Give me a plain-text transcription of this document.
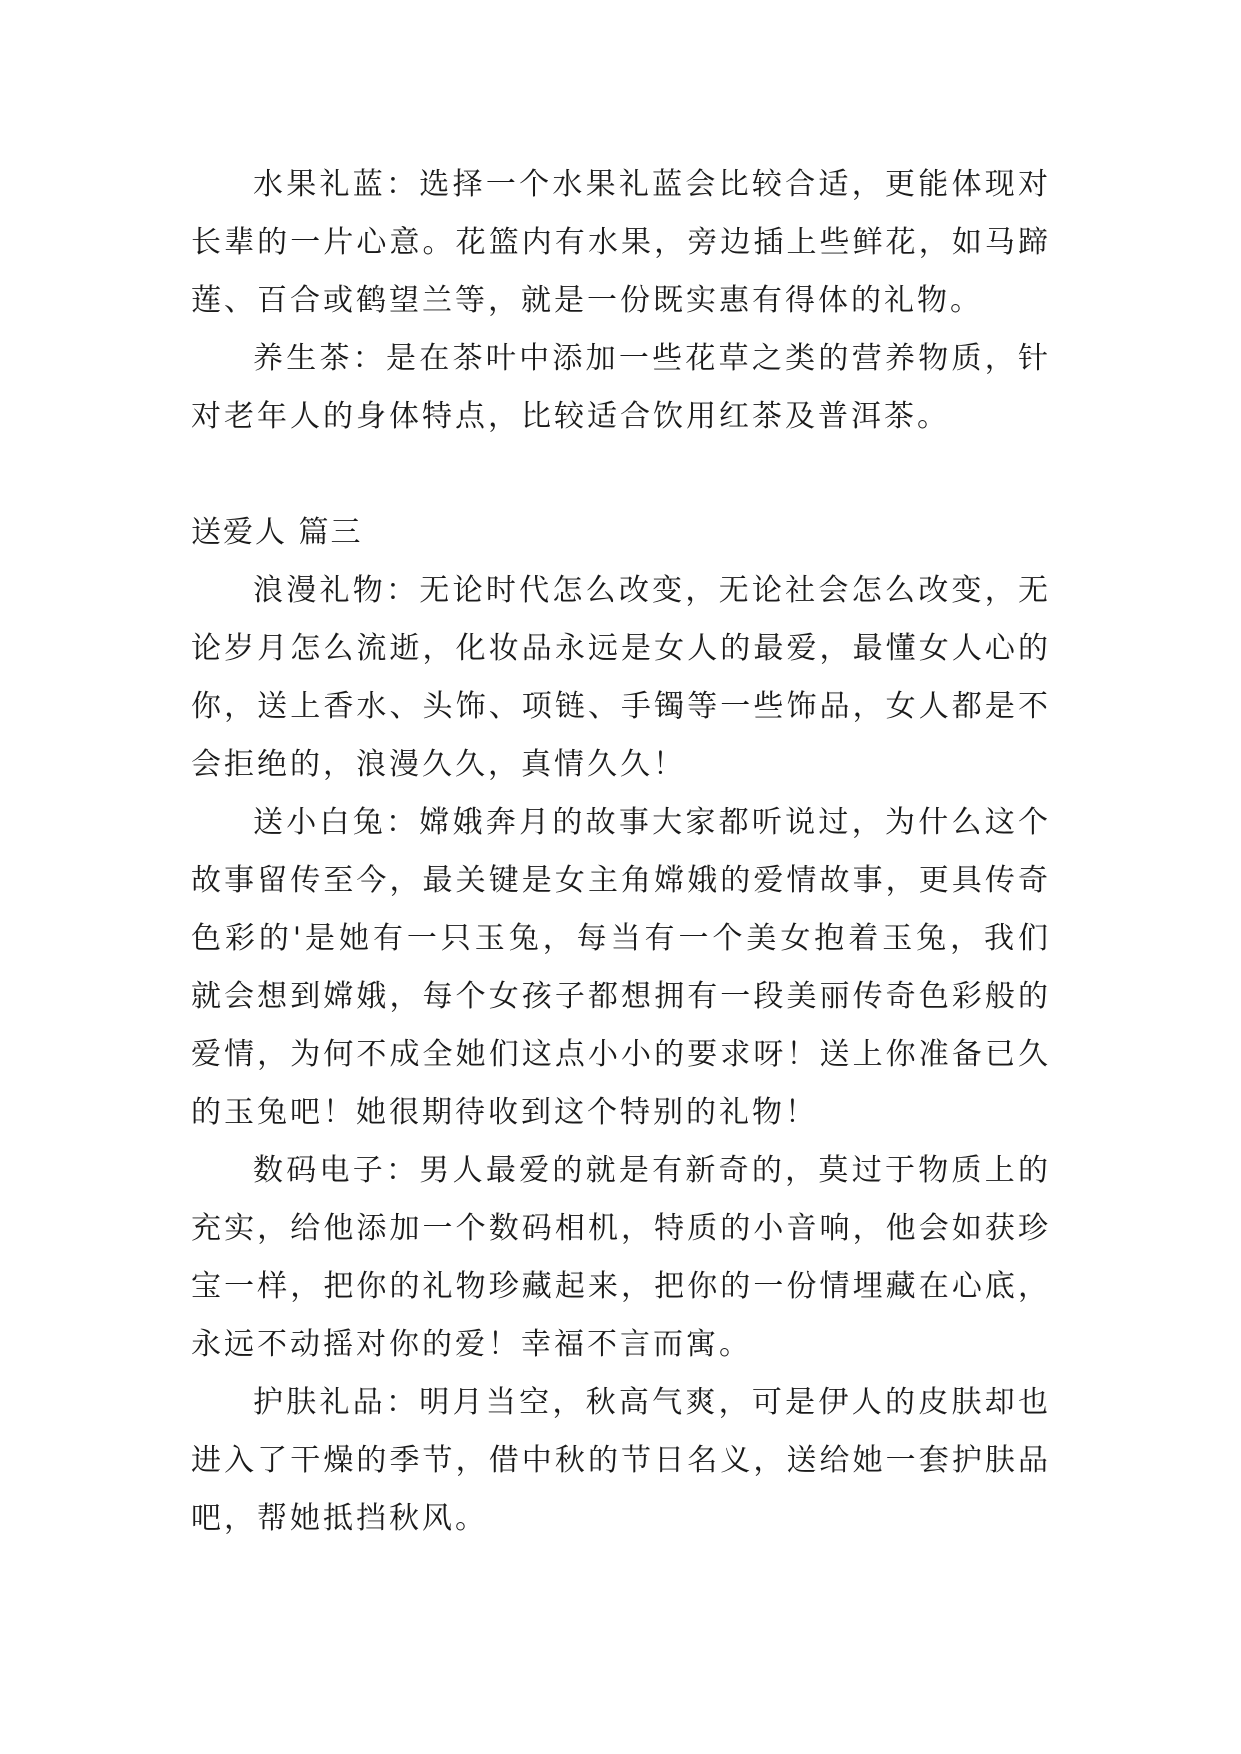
水果礼蓝：选择一个水果礼蓝会比较合适，更能体现对长辈的一片心意。花篮内有水果，旁边插上些鲜花，如马蹄莲、百合或鹤望兰等，就是一份既实惠有得体的礼物。

养生茶：是在茶叶中添加一些花草之类的营养物质，针对老年人的身体特点，比较适合饮用红茶及普洱茶。

送爱人 篇三

浪漫礼物：无论时代怎么改变，无论社会怎么改变，无论岁月怎么流逝，化妆品永远是女人的最爱，最懂女人心的你，送上香水、头饰、项链、手镯等一些饰品，女人都是不会拒绝的，浪漫久久，真情久久！

送小白兔：嫦娥奔月的故事大家都听说过，为什么这个故事留传至今，最关键是女主角嫦娥的爱情故事，更具传奇色彩的'是她有一只玉兔，每当有一个美女抱着玉兔，我们就会想到嫦娥，每个女孩子都想拥有一段美丽传奇色彩般的爱情，为何不成全她们这点小小的要求呀！送上你准备已久的玉兔吧！她很期待收到这个特别的礼物！

数码电子：男人最爱的就是有新奇的，莫过于物质上的充实，给他添加一个数码相机，特质的小音响，他会如获珍宝一样，把你的礼物珍藏起来，把你的一份情埋藏在心底，永远不动摇对你的爱！幸福不言而寓。

护肤礼品：明月当空，秋高气爽，可是伊人的皮肤却也进入了干燥的季节，借中秋的节日名义，送给她一套护肤品吧，帮她抵挡秋风。
